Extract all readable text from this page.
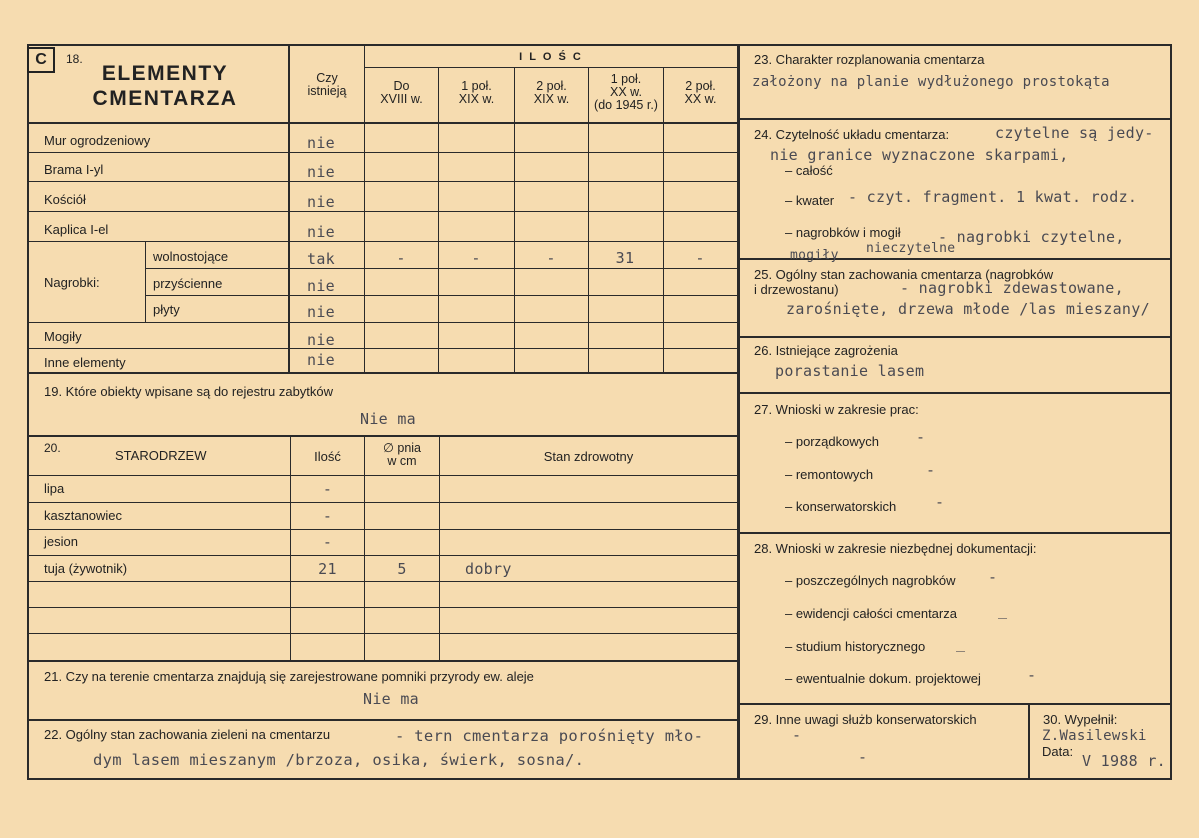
C	18.
ELEMENTY
CMENTARZA
Czy
istnieją
I L O Ś C
Do
XVIII w.
1 poł.
XIX w.
2 poł.
XIX w.
1 poł.
XX w.
(do 1945 r.)
2 poł.
XX w.
Mur ogrodzeniowy	nie
Brama I-yl	nie
Kościół	nie
Kaplica I-el	nie
Nagrobki:
wolnostojące	tak	-	-	-	31	-
przyścienne	nie
płyty	nie
Mogiły	nie
Inne elementy	nie
19. Które obiekty wpisane są do rejestru zabytków
Nie ma
20.	STARODRZEW	Ilość
∅ pnia
w cm	Stan zdrowotny
lipa	-
kasztanowiec	-
jesion	-
tuja (żywotnik)	21	5	dobry
21. Czy na terenie cmentarza znajdują się zarejestrowane pomniki przyrody ew. aleje
Nie ma
22. Ogólny stan zachowania zieleni na cmentarzu	- tern cmentarza porośnięty mło-
dym lasem mieszanym /brzoza, osika, świerk, sosna/.
23. Charakter rozplanowania cmentarza
założony na planie wydłużonego prostokąta
24. Czytelność układu cmentarza:	czytelne są jedy-
nie granice wyznaczone skarpami,
– całość
– kwater - czyt. fragment. 1 kwat. rodz.
– nagrobków i mogił - nagrobki czytelne,
mogiły nieczytelne
25. Ogólny stan zachowania cmentarza (nagrobków
i drzewostanu)	- nagrobki zdewastowane,
zarośnięte, drzewa młode /las mieszany/
26. Istniejące zagrożenia
porastanie lasem
27. Wnioski w zakresie prac:
– porządkowych -
– remontowych	-
– konserwatorskich	-
28. Wnioski w zakresie niezbędnej dokumentacji:
– poszczególnych nagrobków -
– ewidencji całości cmentarza	_
– studium historycznego _
– ewentualnie dokum. projektowej	-
29. Inne uwagi służb konserwatorskich
-
-
30. Wypełnił:
Z.Wasilewski
Data:
V 1988 r.
